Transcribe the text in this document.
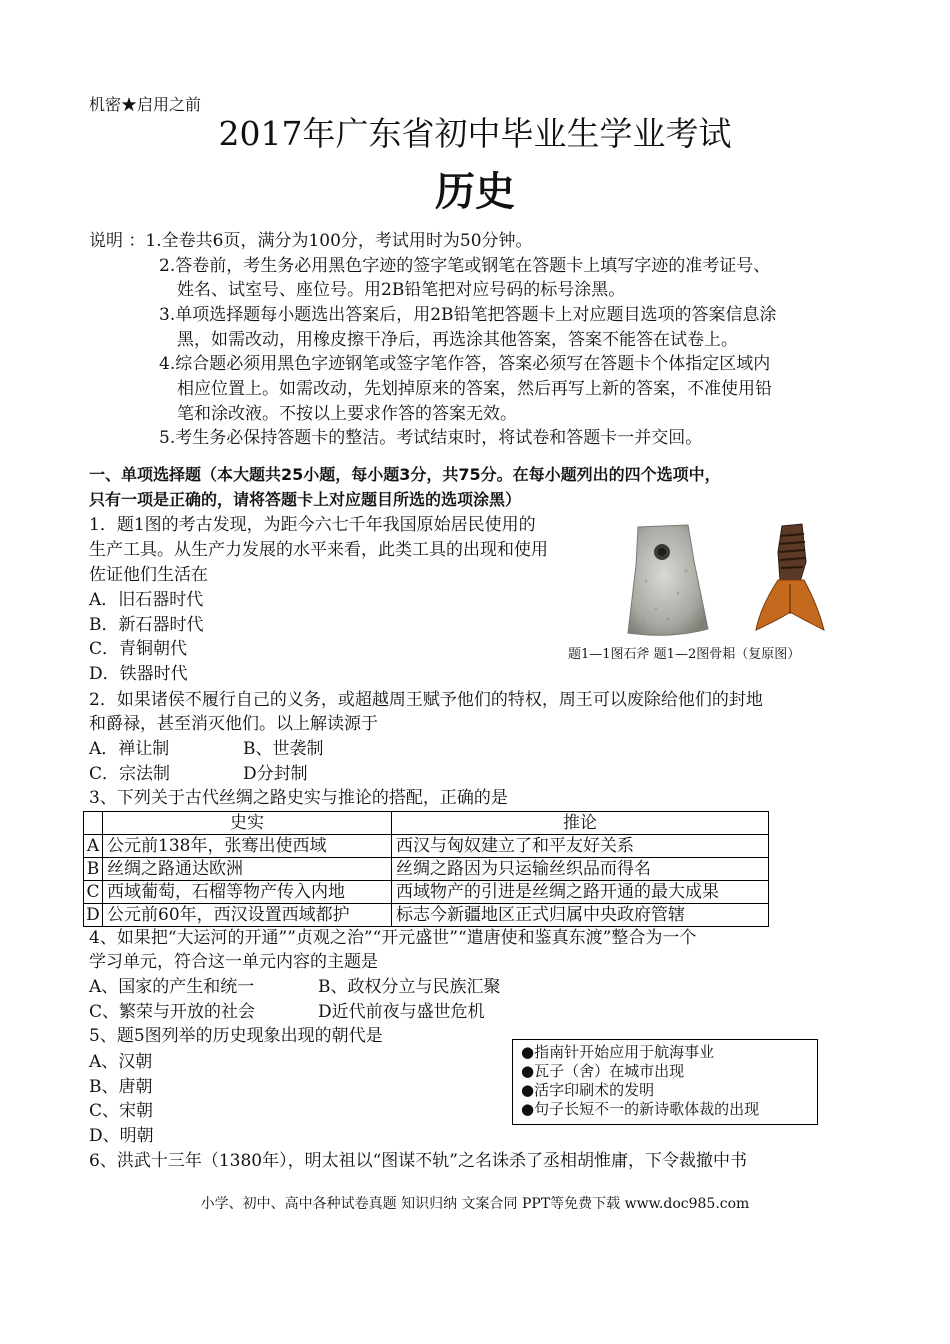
机密★启用之前
2017年广东省初中毕业生学业考试
历史
说明 ：1.全卷共6页，满分为100分，考试用时为50分钟。
2.答卷前，考生务必用黑色字迹的签字笔或钢笔在答题卡上填写字迹的准考证号、
姓名、试室号、座位号。用2B铅笔把对应号码的标号涂黑。
3.单项选择题每小题选出答案后，用2B铅笔把答题卡上对应题目选项的答案信息涂
黑，如需改动，用橡皮擦干净后，再选涂其他答案，答案不能答在试卷上。
4.综合题必须用黑色字迹钢笔或签字笔作答，答案必须写在答题卡个体指定区域内
相应位置上。如需改动，先划掉原来的答案，然后再写上新的答案，不准使用铅
笔和涂改液。不按以上要求作答的答案无效。
5.考生务必保持答题卡的整洁。考试结束时，将试卷和答题卡一并交回。
一、单项选择题（本大题共25小题，每小题3分，共75分。在每小题列出的四个选项中，
只有一项是正确的，请将答题卡上对应题目所选的选项涂黑）
1．题1图的考古发现，为距今六七千年我国原始居民使用的
生产工具。从生产力发展的水平来看，此类工具的出现和使用
佐证他们生活在
A．旧石器时代
B．新石器时代
C．青铜朝代
D．铁器时代
题1—1图石斧 题1—2图骨耜（复原图）
2．如果诸侯不履行自己的义务，或超越周王赋予他们的特权，周王可以废除给他们的封地
和爵禄，甚至消灭他们。以上解读源于
A．禅让制	B、世袭制
C．宗法制	D分封制
3、下列关于古代丝绸之路史实与推论的搭配，正确的是
	史实	推论
A	公元前138年，张骞出使西域	西汉与匈奴建立了和平友好关系
B	丝绸之路通达欧洲	丝绸之路因为只运输丝织品而得名
C	西域葡萄，石榴等物产传入内地	西域物产的引进是丝绸之路开通的最大成果
D	公元前60年，西汉设置西域都护	标志今新疆地区正式归属中央政府管辖
4、如果把“大运河的开通””贞观之治”“开元盛世”“遣唐使和鉴真东渡”整合为一个
学习单元，符合这一单元内容的主题是
A、国家的产生和统一	B、政权分立与民族汇聚
C、繁荣与开放的社会	D近代前夜与盛世危机
5、题5图列举的历史现象出现的朝代是
A、汉朝
B、唐朝
C、宋朝
D、明朝
●指南针开始应用于航海事业
●瓦子（舍）在城市出现
●活字印刷术的发明
●句子长短不一的新诗歌体裁的出现
6、洪武十三年（1380年），明太祖以“图谋不轨”之名诛杀了丞相胡惟庸，下令裁撤中书
小学、初中、高中各种试卷真题 知识归纳 文案合同 PPT等免费下载 www.doc985.com
